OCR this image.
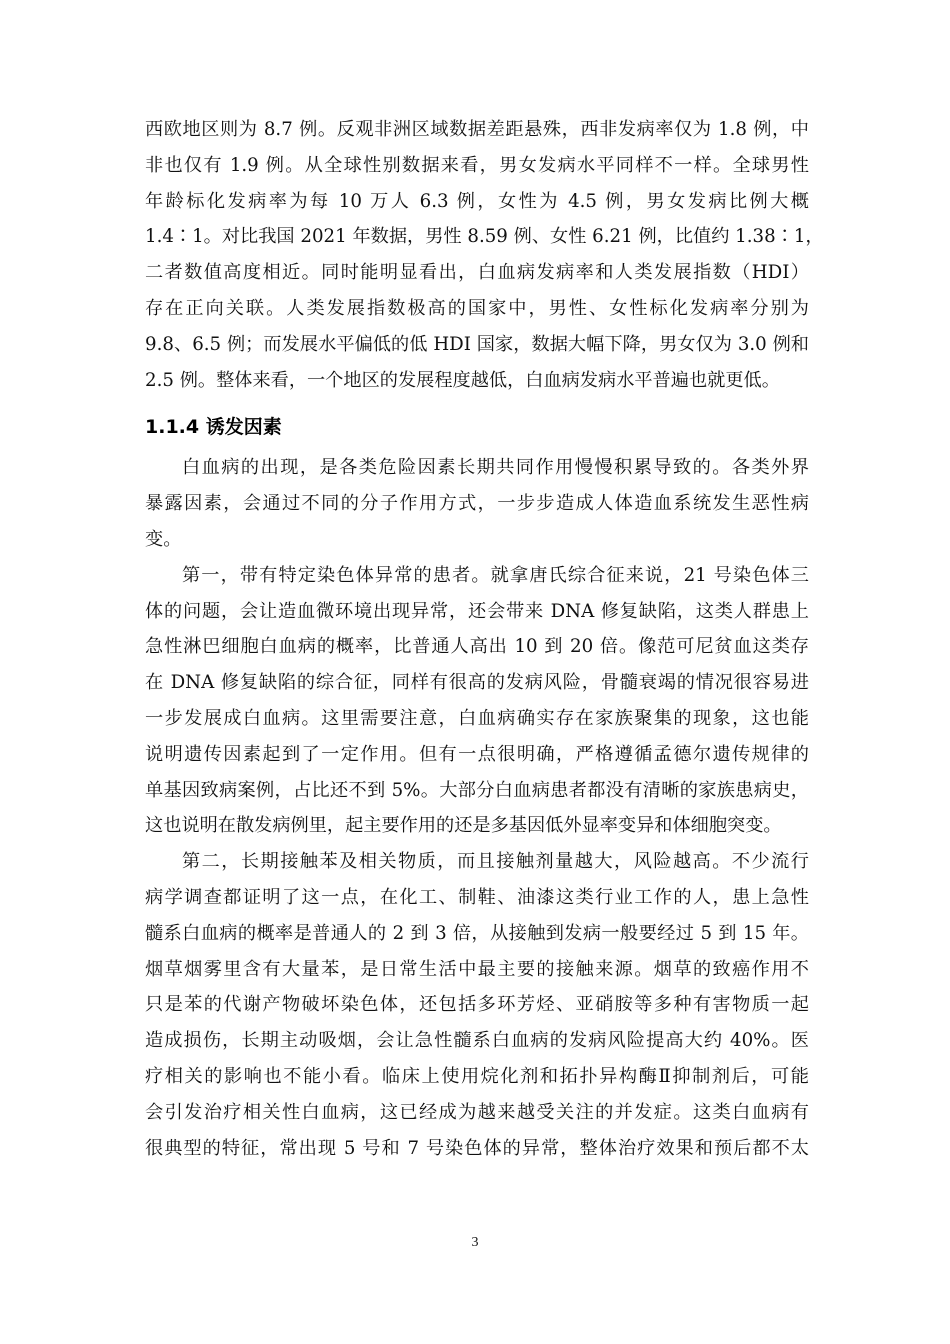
西欧地区则为 8.7 例。反观非洲区域数据差距悬殊，西非发病率仅为 1.8 例，中
非也仅有 1.9 例。从全球性别数据来看，男女发病水平同样不一样。全球男性
年龄标化发病率为每 10 万人 6.3 例，女性为 4.5 例，男女发病比例大概
1.4∶1。对比我国 2021 年数据，男性 8.59 例、女性 6.21 例，比值约 1.38∶1，
二者数值高度相近。同时能明显看出，白血病发病率和人类发展指数（HDI）
存在正向关联。人类发展指数极高的国家中，男性、女性标化发病率分别为
9.8、6.5 例；而发展水平偏低的低 HDI 国家，数据大幅下降，男女仅为 3.0 例和
2.5 例。整体来看，一个地区的发展程度越低，白血病发病水平普遍也就更低。
1.1.4 诱发因素
白血病的出现，是各类危险因素长期共同作用慢慢积累导致的。各类外界
暴露因素，会通过不同的分子作用方式，一步步造成人体造血系统发生恶性病
变。
第一，带有特定染色体异常的患者。就拿唐氏综合征来说，21 号染色体三
体的问题，会让造血微环境出现异常，还会带来 DNA 修复缺陷，这类人群患上
急性淋巴细胞白血病的概率，比普通人高出 10 到 20 倍。像范可尼贫血这类存
在 DNA 修复缺陷的综合征，同样有很高的发病风险，骨髓衰竭的情况很容易进
一步发展成白血病。这里需要注意，白血病确实存在家族聚集的现象，这也能
说明遗传因素起到了一定作用。但有一点很明确，严格遵循孟德尔遗传规律的
单基因致病案例，占比还不到 5%。大部分白血病患者都没有清晰的家族患病史，
这也说明在散发病例里，起主要作用的还是多基因低外显率变异和体细胞突变。
第二，长期接触苯及相关物质，而且接触剂量越大，风险越高。不少流行
病学调查都证明了这一点，在化工、制鞋、油漆这类行业工作的人，患上急性
髓系白血病的概率是普通人的 2 到 3 倍，从接触到发病一般要经过 5 到 15 年。
烟草烟雾里含有大量苯，是日常生活中最主要的接触来源。烟草的致癌作用不
只是苯的代谢产物破坏染色体，还包括多环芳烃、亚硝胺等多种有害物质一起
造成损伤，长期主动吸烟，会让急性髓系白血病的发病风险提高大约 40%。医
疗相关的影响也不能小看。临床上使用烷化剂和拓扑异构酶Ⅱ抑制剂后，可能
会引发治疗相关性白血病，这已经成为越来越受关注的并发症。这类白血病有
很典型的特征，常出现 5 号和 7 号染色体的异常，整体治疗效果和预后都不太
3
